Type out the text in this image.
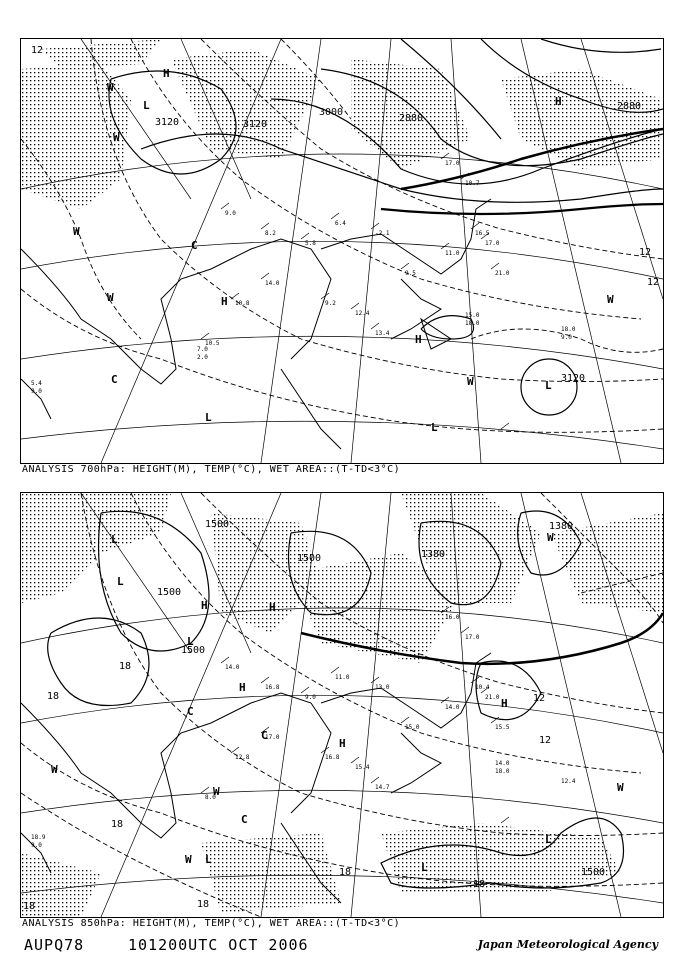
9.0
8.2
5.8
6.4
-2.1
9.5
11.0
16.5
10.8
14.0
9.2
12.4
13.4
10.5
17.0
10.7
17.0
21.0
15.0
18.0
18.0
9.0
5.4
9.0
2.0
7.0
H
H
H
H
L
L
L
L
W
W
W
W
W
W
C
C
3120	3120
3000
2880
2880
3120
12
12
12
ANALYSIS 700hPa: HEIGHT(M), TEMP(°C), WET AREA::(T-TD<3°C)
14.0
16.8
9.0
11.0
13.0
15.0
14.0
10.4
12.8
17.0
16.8
15.4
14.7
8.0
16.0
17.0
21.0
15.5
14.0
18.0
12.4
18.9
9.0
H	H
H
H
H
L
L
L
L
L
L
W
W
W
W
W
C
C
C
1500
1500
1500
1500
1380
1380
1500
18
18
18
18	18
18
18
12
12
ANALYSIS 850hPa: HEIGHT(M), TEMP(°C), WET AREA::(T-TD<3°C)
AUPQ78	101200UTC OCT 2006	Japan Meteorological Agency
